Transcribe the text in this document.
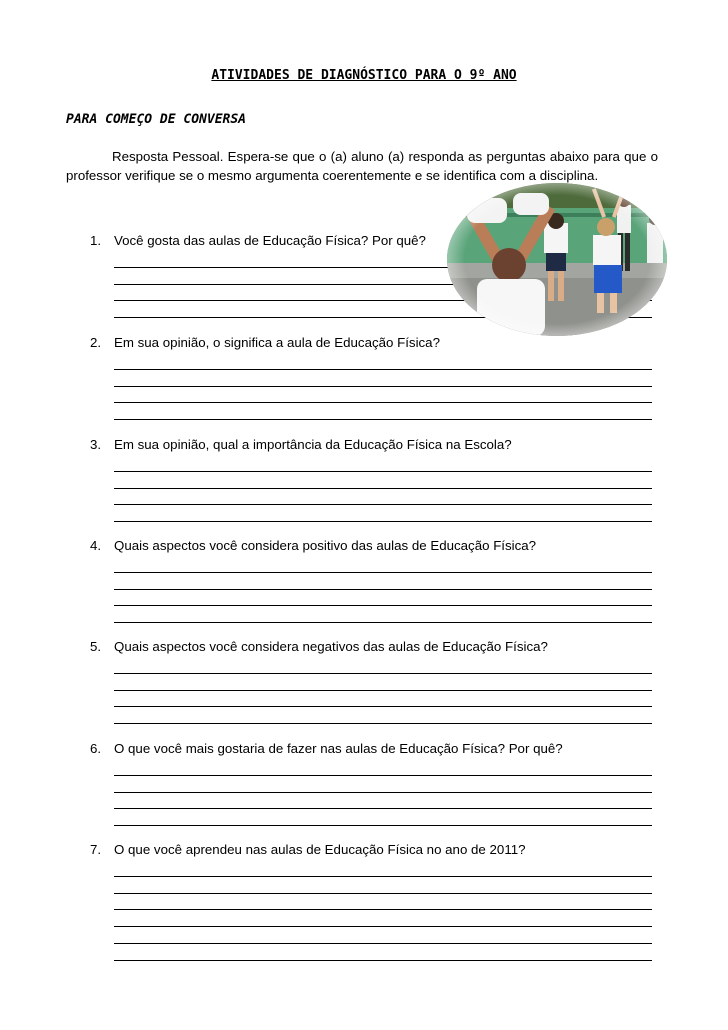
ATIVIDADES DE DIAGNÓSTICO PARA O 9º ANO
PARA COMEÇO DE CONVERSA
Resposta Pessoal. Espera-se que o (a) aluno (a) responda as perguntas abaixo para que o professor verifique se o mesmo argumenta coerentemente e se identifica com a disciplina.
1. Você gosta das aulas de Educação Física? Por quê?
2. Em sua opinião, o significa a aula de Educação Física?
3. Em sua opinião, qual a importância da Educação Física na Escola?
4. Quais aspectos você considera positivo das aulas de Educação Física?
5. Quais aspectos você considera negativos das aulas de Educação Física?
6. O que você mais gostaria de fazer nas aulas de Educação Física? Por quê?
7. O que você aprendeu nas aulas de Educação Física no ano de 2011?
